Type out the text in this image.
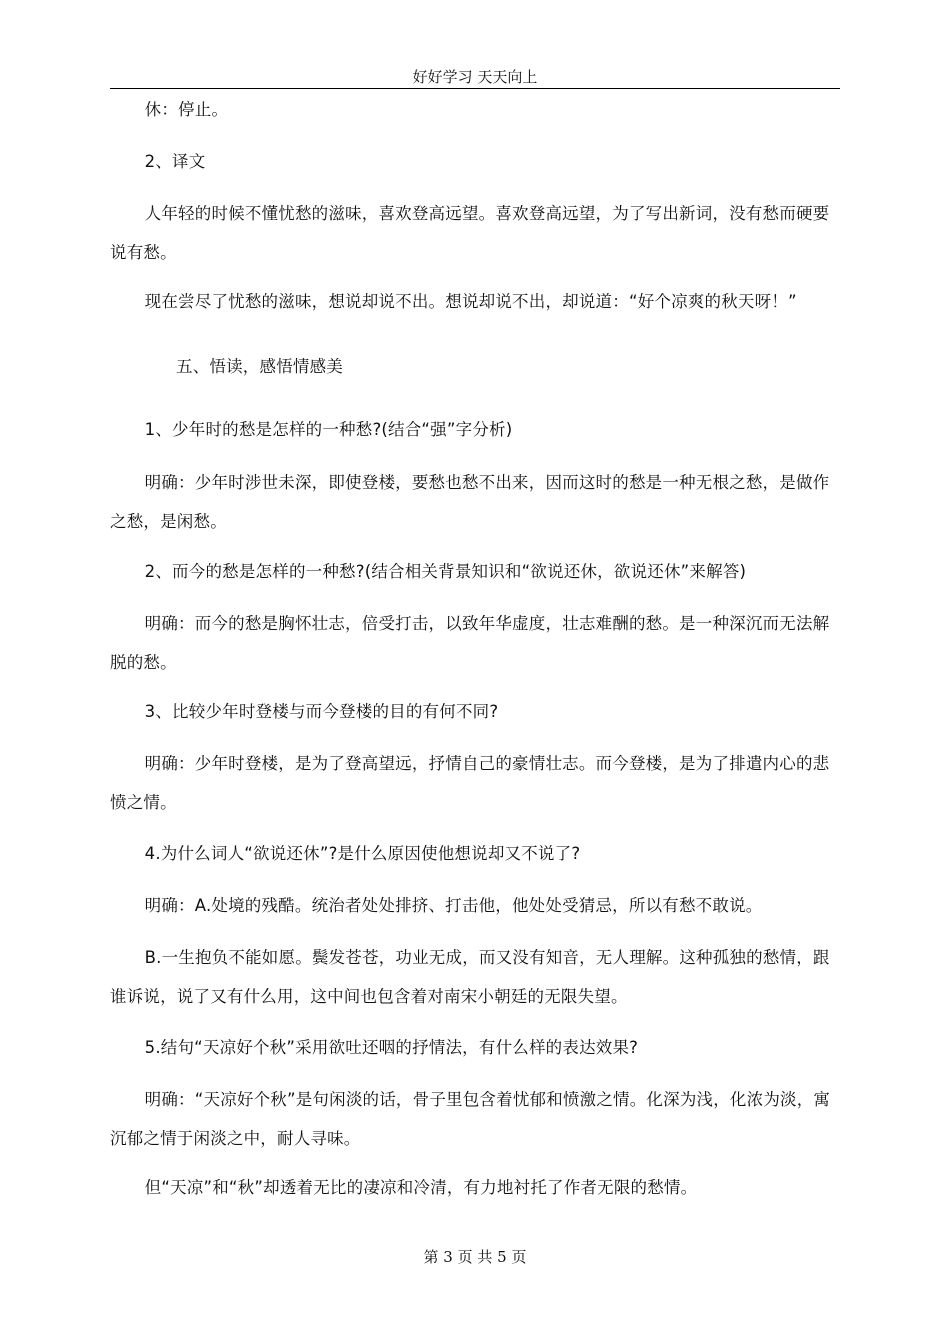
好好学习 天天向上

休：停止。

2、译文

人年轻的时候不懂忧愁的滋味，喜欢登高远望。喜欢登高远望，为了写出新词，没有愁而硬要说有愁。

现在尝尽了忧愁的滋味，想说却说不出。想说却说不出，却说道：“好个凉爽的秋天呀！”

五、悟读，感悟情感美

1、少年时的愁是怎样的一种愁?(结合“强”字分析)

明确：少年时涉世未深，即使登楼，要愁也愁不出来，因而这时的愁是一种无根之愁，是做作之愁，是闲愁。

2、而今的愁是怎样的一种愁?(结合相关背景知识和“欲说还休，欲说还休”来解答)

明确：而今的愁是胸怀壮志，倍受打击，以致年华虚度，壮志难酬的愁。是一种深沉而无法解脱的愁。

3、比较少年时登楼与而今登楼的目的有何不同?

明确：少年时登楼，是为了登高望远，抒情自己的豪情壮志。而今登楼，是为了排遣内心的悲愤之情。

4.为什么词人“欲说还休”?是什么原因使他想说却又不说了?

明确：A.处境的残酷。统治者处处排挤、打击他，他处处受猜忌，所以有愁不敢说。

B.一生抱负不能如愿。鬓发苍苍，功业无成，而又没有知音，无人理解。这种孤独的愁情，跟谁诉说，说了又有什么用，这中间也包含着对南宋小朝廷的无限失望。

5.结句“天凉好个秋”采用欲吐还咽的抒情法，有什么样的表达效果?

明确：“天凉好个秋”是句闲淡的话，骨子里包含着忧郁和愤激之情。化深为浅，化浓为淡，寓沉郁之情于闲淡之中，耐人寻味。

但“天凉”和“秋”却透着无比的凄凉和冷清，有力地衬托了作者无限的愁情。

第 3 页 共 5 页
